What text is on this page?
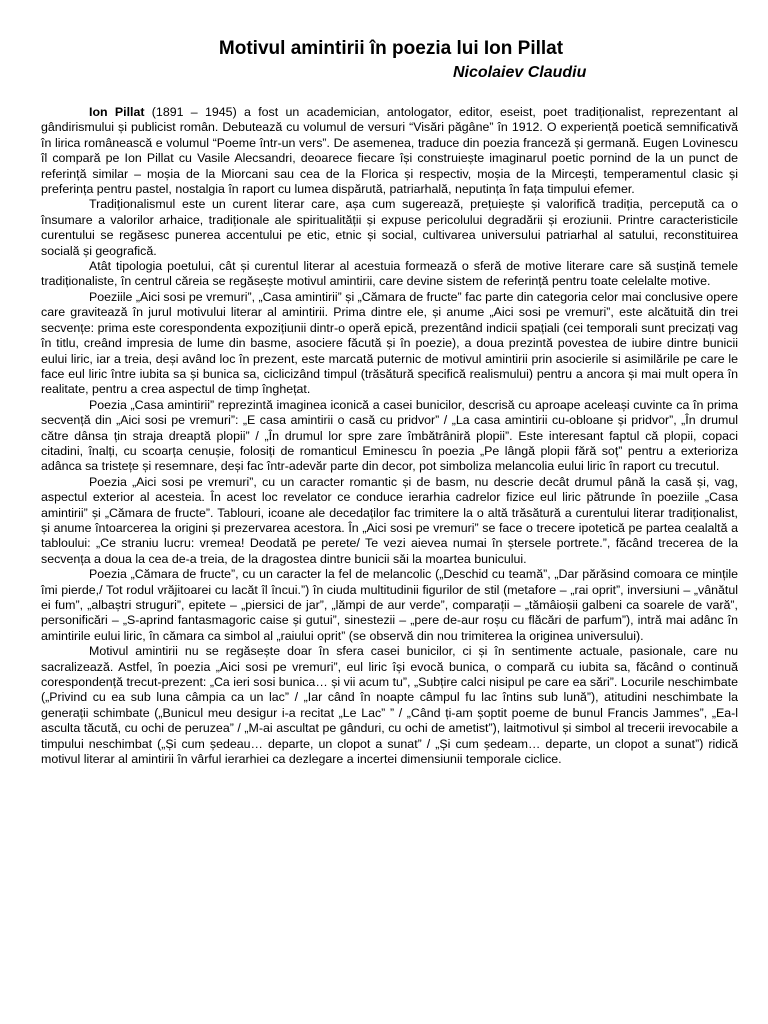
Motivul amintirii în poezia lui Ion Pillat
Nicolaiev Claudiu

Ion Pillat (1891 – 1945) a fost un academician, antologator, editor, eseist, poet tradiționalist, reprezentant al gândirismului și publicist român. Debutează cu volumul de versuri “Visări păgâne” în 1912. O experiență poetică semnificativă în lirica românească e volumul “Poeme într-un vers”. De asemenea, traduce din poezia franceză și germană. Eugen Lovinescu îl compară pe Ion Pillat cu Vasile Alecsandri, deoarece fiecare își construiește imaginarul poetic pornind de la un punct de referință similar – moșia de la Miorcani sau cea de la Florica și respectiv, moșia de la Mircești, temperamentul clasic și preferința pentru pastel, nostalgia în raport cu lumea dispărută, patriarhală, neputința în fața timpului efemer.

Tradiționalismul este un curent literar care, așa cum sugerează, prețuiește și valorifică tradiția, percepută ca o însumare a valorilor arhaice, tradiționale ale spiritualității și expuse pericolului degradării și eroziunii. Printre caracteristicile curentului se regăsesc punerea accentului pe etic, etnic și social, cultivarea universului patriarhal al satului, reconstituirea socială și geografică.

Atât tipologia poetului, cât și curentul literar al acestuia formează o sferă de motive literare care să susțină temele tradiționaliste, în centrul căreia se regăsește motivul amintirii, care devine sistem de referință pentru toate celelalte motive.

Poeziile „Aici sosi pe vremuri”, „Casa amintirii” și „Cămara de fructe” fac parte din categoria celor mai conclusive opere care gravitează în jurul motivului literar al amintirii. Prima dintre ele, și anume „Aici sosi pe vremuri”, este alcătuită din trei secvențe: prima este corespondenta expozițiunii dintr-o operă epică, prezentând indicii spațiali (cei temporali sunt precizați vag în titlu, creând impresia de lume din basme, asociere făcută și în poezie), a doua prezintă povestea de iubire dintre bunicii eului liric, iar a treia, deși având loc în prezent, este marcată puternic de motivul amintirii prin asocierile si asimilările pe care le face eul liric între iubita sa și bunica sa, ciclicizând timpul (trăsătură specifică realismului) pentru a ancora și mai mult opera în realitate, pentru a crea aspectul de timp înghețat.

Poezia „Casa amintirii” reprezintă imaginea iconică a casei bunicilor, descrisă cu aproape aceleași cuvinte ca în prima secvență din „Aici sosi pe vremuri”: „E casa amintirii o casă cu pridvor” / „La casa amintirii cu-obloane și pridvor”, „În drumul către dânsa țin straja dreaptă plopii” / „În drumul lor spre zare îmbătrâniră plopii”. Este interesant faptul că plopii, copaci citadini, înalți, cu scoarța cenușie, folosiți de romanticul Eminescu în poezia „Pe lângă plopii fără soț” pentru a exterioriza adânca sa tristețe și resemnare, deși fac într-adevăr parte din decor, pot simboliza melancolia eului liric în raport cu trecutul.

Poezia „Aici sosi pe vremuri”, cu un caracter romantic și de basm, nu descrie decât drumul până la casă și, vag, aspectul exterior al acesteia. În acest loc revelator ce conduce ierarhia cadrelor fizice eul liric pătrunde în poeziile „Casa amintirii” și „Cămara de fructe”. Tablouri, icoane ale decedaților fac trimitere la o altă trăsătură a curentului literar tradiționalist, și anume întoarcerea la origini și prezervarea acestora. În „Aici sosi pe vremuri” se face o trecere ipotetică pe partea cealaltă a tabloului: „Ce straniu lucru: vremea! Deodată pe perete/ Te vezi aievea numai în ștersele portrete.”, făcând trecerea de la secvența a doua la cea de-a treia, de la dragostea dintre bunicii săi la moartea bunicului.

Poezia „Cămara de fructe”, cu un caracter la fel de melancolic („Deschid cu teamă”, „Dar părăsind comoara ce mințile îmi pierde,/ Tot rodul vrăjitoarei cu lacăt îl încui.”) în ciuda multitudinii figurilor de stil (metafore – „rai oprit”, inversiuni – „vânătul ei fum”, „albaștri struguri”, epitete – „piersici de jar”, „lămpi de aur verde”, comparații – „tămâioșii galbeni ca soarele de vară”, personificări – „S-aprind fantasmagoric caise și gutui”, sinestezii – „pere de-aur roșu cu flăcări de parfum”), intră mai adânc în amintirile eului liric, în cămara ca simbol al „raiului oprit” (se observă din nou trimiterea la originea universului).

Motivul amintirii nu se regăsește doar în sfera casei bunicilor, ci și în sentimente actuale, pasionale, care nu sacralizează. Astfel, în poezia „Aici sosi pe vremuri”, eul liric își evocă bunica, o compară cu iubita sa, făcând o continuă corespondență trecut-prezent: „Ca ieri sosi bunica… și vii acum tu”, „Subțire calci nisipul pe care ea sări”. Locurile neschimbate („Privind cu ea sub luna câmpia ca un lac” / „Iar când în noapte câmpul fu lac întins sub lună”), atitudini neschimbate la generații schimbate („Bunicul meu desigur i-a recitat „Le Lac” ” / „Când ți-am șoptit poeme de bunul Francis Jammes”, „Ea-l asculta tăcută, cu ochi de peruzea” / „M-ai ascultat pe gânduri, cu ochi de ametist”), laitmotivul și simbol al trecerii irevocabile a timpului neschimbat („Și cum ședeau… departe, un clopot a sunat” / „Și cum ședeam… departe, un clopot a sunat”) ridică motivul literar al amintirii în vârful ierarhiei ca dezlegare a incertei dimensiunii temporale ciclice.
